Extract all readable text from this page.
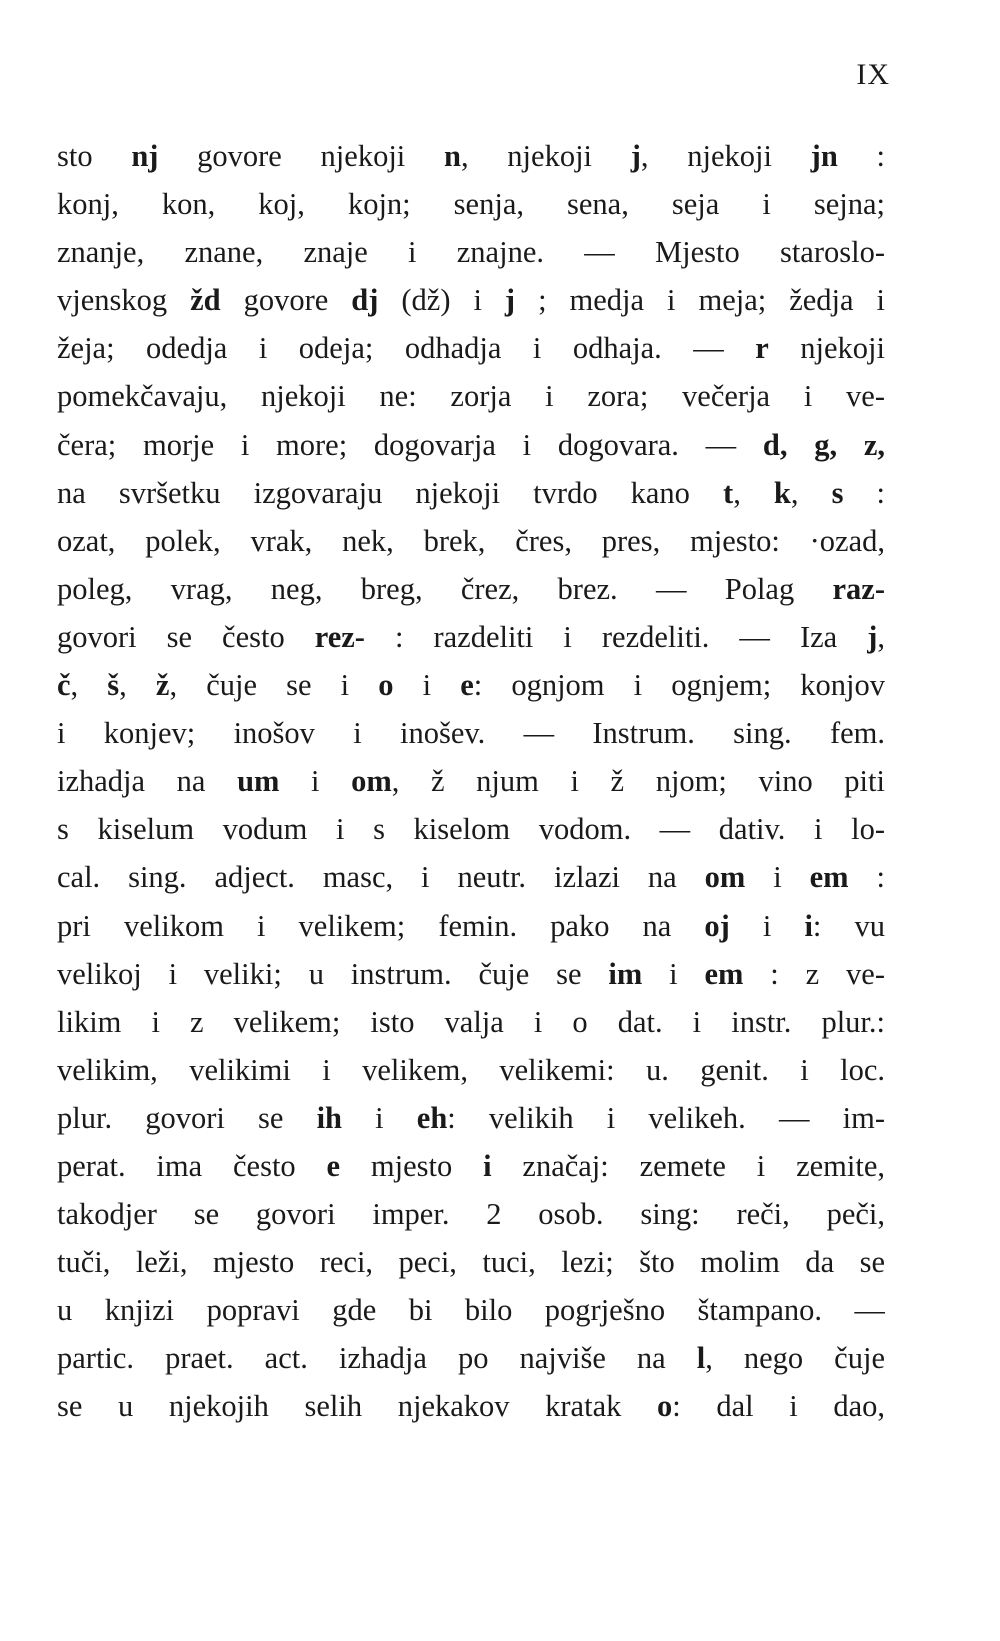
IX
sto nj govore njekoji n, njekoji j, njekoji jn :
konj, kon, koj, kojn; senja, sena, seja i sejna;
znanje, znane, znaje i znajne. — Mjesto staroslo-
vjenskog žd govore dj (dž) i j ; medja i meja; žedja i
žeja; odedja i odeja; odhadja i odhaja. — r njekoji
pomekčavaju, njekoji ne: zorja i zora; večerja i ve-
čera; morje i more; dogovarja i dogovara. — d, g, z,
na svršetku izgovaraju njekoji tvrdo kano t, k, s :
ozat, polek, vrak, nek, brek, čres, pres, mjesto: ·ozad,
poleg, vrag, neg, breg, črez, brez. — Polag raz-
govori se često rez- : razdeliti i rezdeliti. — Iza j,
č, š, ž, čuje se i o i e: ognjom i ognjem; konjov
i konjev; inošov i inošev. — Instrum. sing. fem.
izhadja na um i om, ž njum i ž njom; vino piti
s kiselum vodum i s kiselom vodom. — dativ. i lo-
cal. sing. adject. masc, i neutr. izlazi na om i em :
pri velikom i velikem; femin. pako na oj i i: vu
velikoj i veliki; u instrum. čuje se im i em : z ve-
likim i z velikem; isto valja i o dat. i instr. plur.:
velikim, velikimi i velikem, velikemi: u. genit. i loc.
plur. govori se ih i eh: velikih i velikeh. — im-
perat. ima često e mjesto i značaj: zemete i zemite,
takodjer se govori imper. 2 osob. sing: reči, peči,
tuči, leži, mjesto reci, peci, tuci, lezi; što molim da se
u knjizi popravi gde bi bilo pogrješno štampano. —
partic. praet. act. izhadja po najviše na l, nego čuje
se u njekojih selih njekakov kratak o: dal i dao,
